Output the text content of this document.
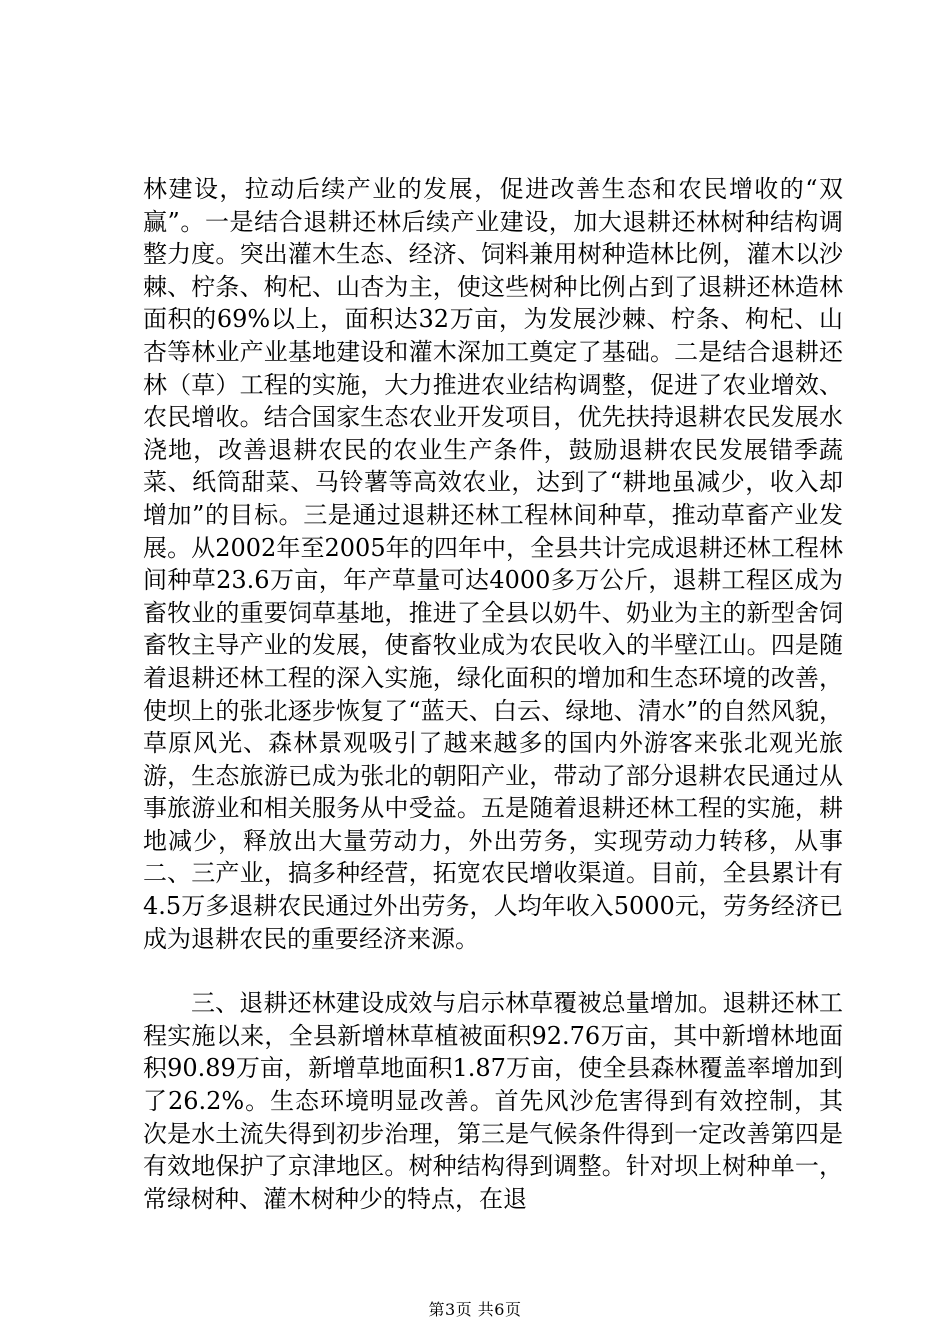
林建设，拉动后续产业的发展，促进改善生态和农民增收的“双赢”。一是结合退耕还林后续产业建设，加大退耕还林树种结构调整力度。突出灌木生态、经济、饲料兼用树种造林比例，灌木以沙棘、柠条、枸杞、山杏为主，使这些树种比例占到了退耕还林造林面积的69%以上，面积达32万亩，为发展沙棘、柠条、枸杞、山杏等林业产业基地建设和灌木深加工奠定了基础。二是结合退耕还林（草）工程的实施，大力推进农业结构调整，促进了农业增效、农民增收。结合国家生态农业开发项目，优先扶持退耕农民发展水浇地，改善退耕农民的农业生产条件，鼓励退耕农民发展错季蔬菜、纸筒甜菜、马铃薯等高效农业，达到了“耕地虽减少，收入却增加”的目标。三是通过退耕还林工程林间种草，推动草畜产业发展。从2002年至2005年的四年中，全县共计完成退耕还林工程林间种草23.6万亩，年产草量可达4000多万公斤，退耕工程区成为畜牧业的重要饲草基地，推进了全县以奶牛、奶业为主的新型舍饲畜牧主导产业的发展，使畜牧业成为农民收入的半壁江山。四是随着退耕还林工程的深入实施，绿化面积的增加和生态环境的改善，使坝上的张北逐步恢复了“蓝天、白云、绿地、清水”的自然风貌，草原风光、森林景观吸引了越来越多的国内外游客来张北观光旅游，生态旅游已成为张北的朝阳产业，带动了部分退耕农民通过从事旅游业和相关服务从中受益。五是随着退耕还林工程的实施，耕地减少，释放出大量劳动力，外出劳务，实现劳动力转移，从事二、三产业，搞多种经营，拓宽农民增收渠道。目前，全县累计有4.5万多退耕农民通过外出劳务，人均年收入5000元，劳务经济已成为退耕农民的重要经济来源。

三、退耕还林建设成效与启示林草覆被总量增加。退耕还林工程实施以来，全县新增林草植被面积92.76万亩，其中新增林地面积90.89万亩，新增草地面积1.87万亩，使全县森林覆盖率增加到了26.2%。生态环境明显改善。首先风沙危害得到有效控制，其次是水土流失得到初步治理，第三是气候条件得到一定改善第四是有效地保护了京津地区。树种结构得到调整。针对坝上树种单一，常绿树种、灌木树种少的特点，在退

第3页 共6页
